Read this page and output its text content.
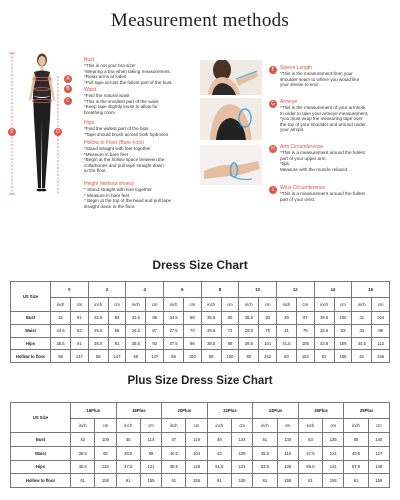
Measurement methods
A
B
C
D
E
Bust
*This is not your bra size!
*Wearing a bra when taking measurement,
*Relax arms at sides
*Pull tape across the fullest part of the bust.
Waist
*Find the natural waist
*This is the smallest part of the waist
*Keep tape slightly loose to allow for
breathing room
Hips
*Find the widest part of the hips
*Tape should brush across both hipbones
Hollow to Floor (Bare Foot)
*Stand straight with feet together
*Measure in bare feet
*Begin at the hollow space between the
collarbones and pull tape straight down
to the floor.
Height (without shoes)
* Stand straight with feet together
* Measure in bare feet
* Begin at the top of the head and pull tape
straight down to the floor.
F	Sleeve Length
*This is the measurement from your
shoulder seam to where you would like
your sleeve to end.
G	Armeye
*This is the measurement of your armhole.
In order to take your armeye measurement,
*you must wrap the measuring tape over
the top of your shoulder and around under
your armpit.
H	Arm Circumference
*This is a measurement around the fullest
part of your upper arm.
*tips
Measure with the muscle relaxed.
I	Wrist Circumference
*This is a measurement around the fullest
part of your wrist.
Dress Size Chart
US Size	0		2		4		6		8		10		12		14		16	
	inch	cm	inch	cm	inch	cm	inch	cm	inch	cm	inch	cm	inch	cm	inch	cm	inch	cm
Bust	32	81	32.5	83	33.5	85	34.5	88	35.5	90	36.5	93	38	97	39.5	100	41	104
Waist	24.5	63	25.5	65	26.5	67	27.5	70	28.5	72	29.5	75	31	79	32.5	83	34	86
Hips	35.5	91	35.5	91	36.5	93	37.5	96	38.5	98	39.5	101	41.5	105	42.5	109	44.5	112
Hollow to floor	58	147	58	147	58	147	58	150	59	150	60	152	60	152	61	155	61	155
Plus Size Dress Size Chart
US Size	16Plus		18Plus		20Plus		22Plus		24Plus		26Plus		28Plus	
	inch	cm	inch	cm	inch	cm	inch	cm	inch	cm	inch	cm	inch	cm
Bust	43	109	45	114	47	119	49	124	51	130	53	135	55	140
Waist	36.5	92	38.5	98	40.5	104	43	109	45.5	115	47.5	121	49.5	127
Hips	45.5	116	47.5	121	49.5	126	51.5	131	53.5	136	55.5	141	57.5	146
Hollow to floor	61	155	61	155	61	155	61	155	61	155	61	155	61	155
